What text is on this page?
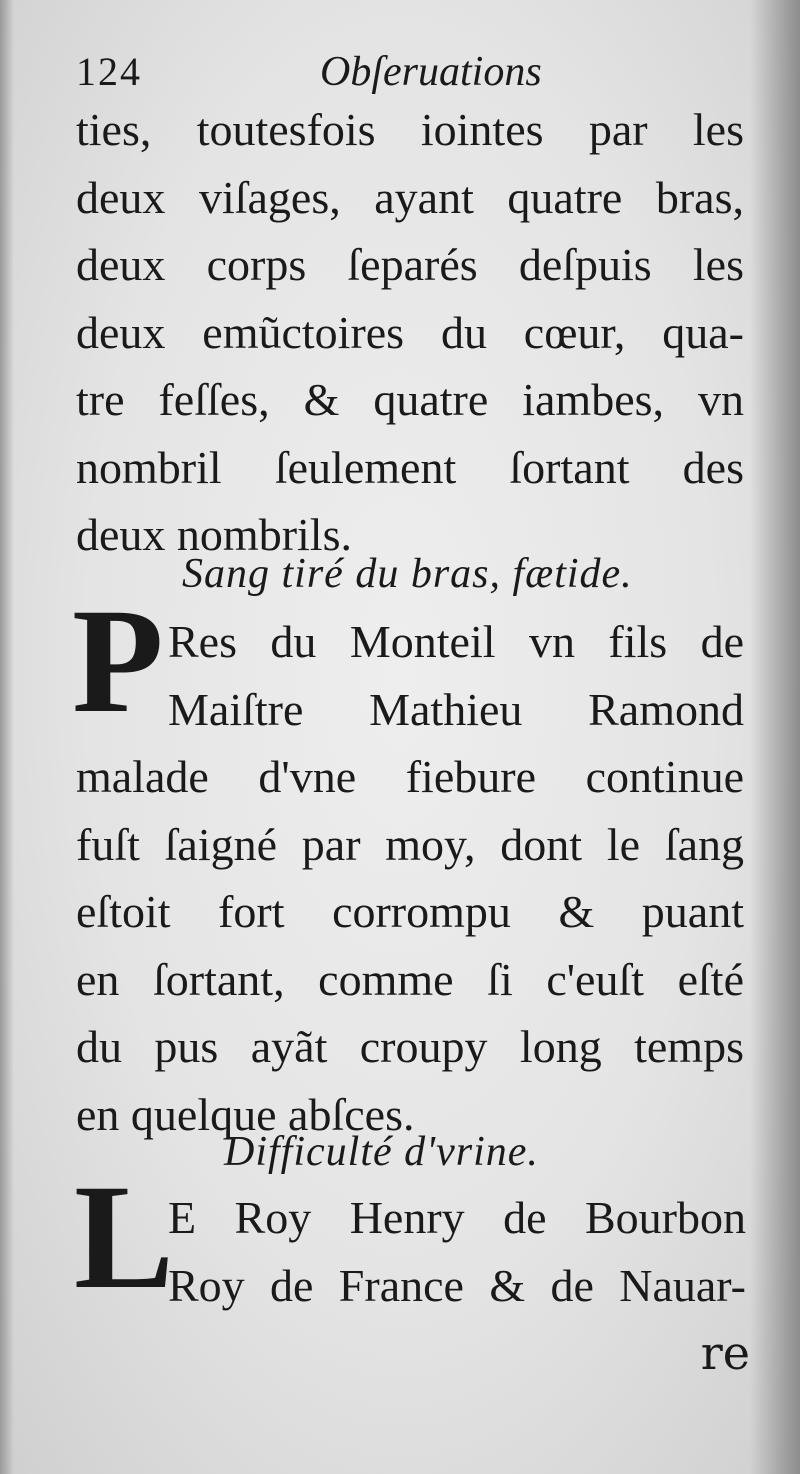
124	Obſeruations
ties, toutesfois iointes par les
deux viſages, ayant quatre bras,
deux corps ſeparés deſpuis les
deux emũctoires du cœur, qua-
tre feſſes, & quatre iambes, vn
nombril ſeulement ſortant des
deux nombrils.
Sang tiré du bras, fætide.
P Res du Monteil vn fils de
Maiſtre Mathieu Ramond
malade d'vne fiebure continue
fuſt ſaigné par moy, dont le ſang
eſtoit fort corrompu & puant
en ſortant, comme ſi c'euſt eſté
du pus ayãt croupy long temps
en quelque abſces.
Difficulté d'vrine.
L
E Roy Henry de Bourbon
Roy de France & de Nauar-
re
